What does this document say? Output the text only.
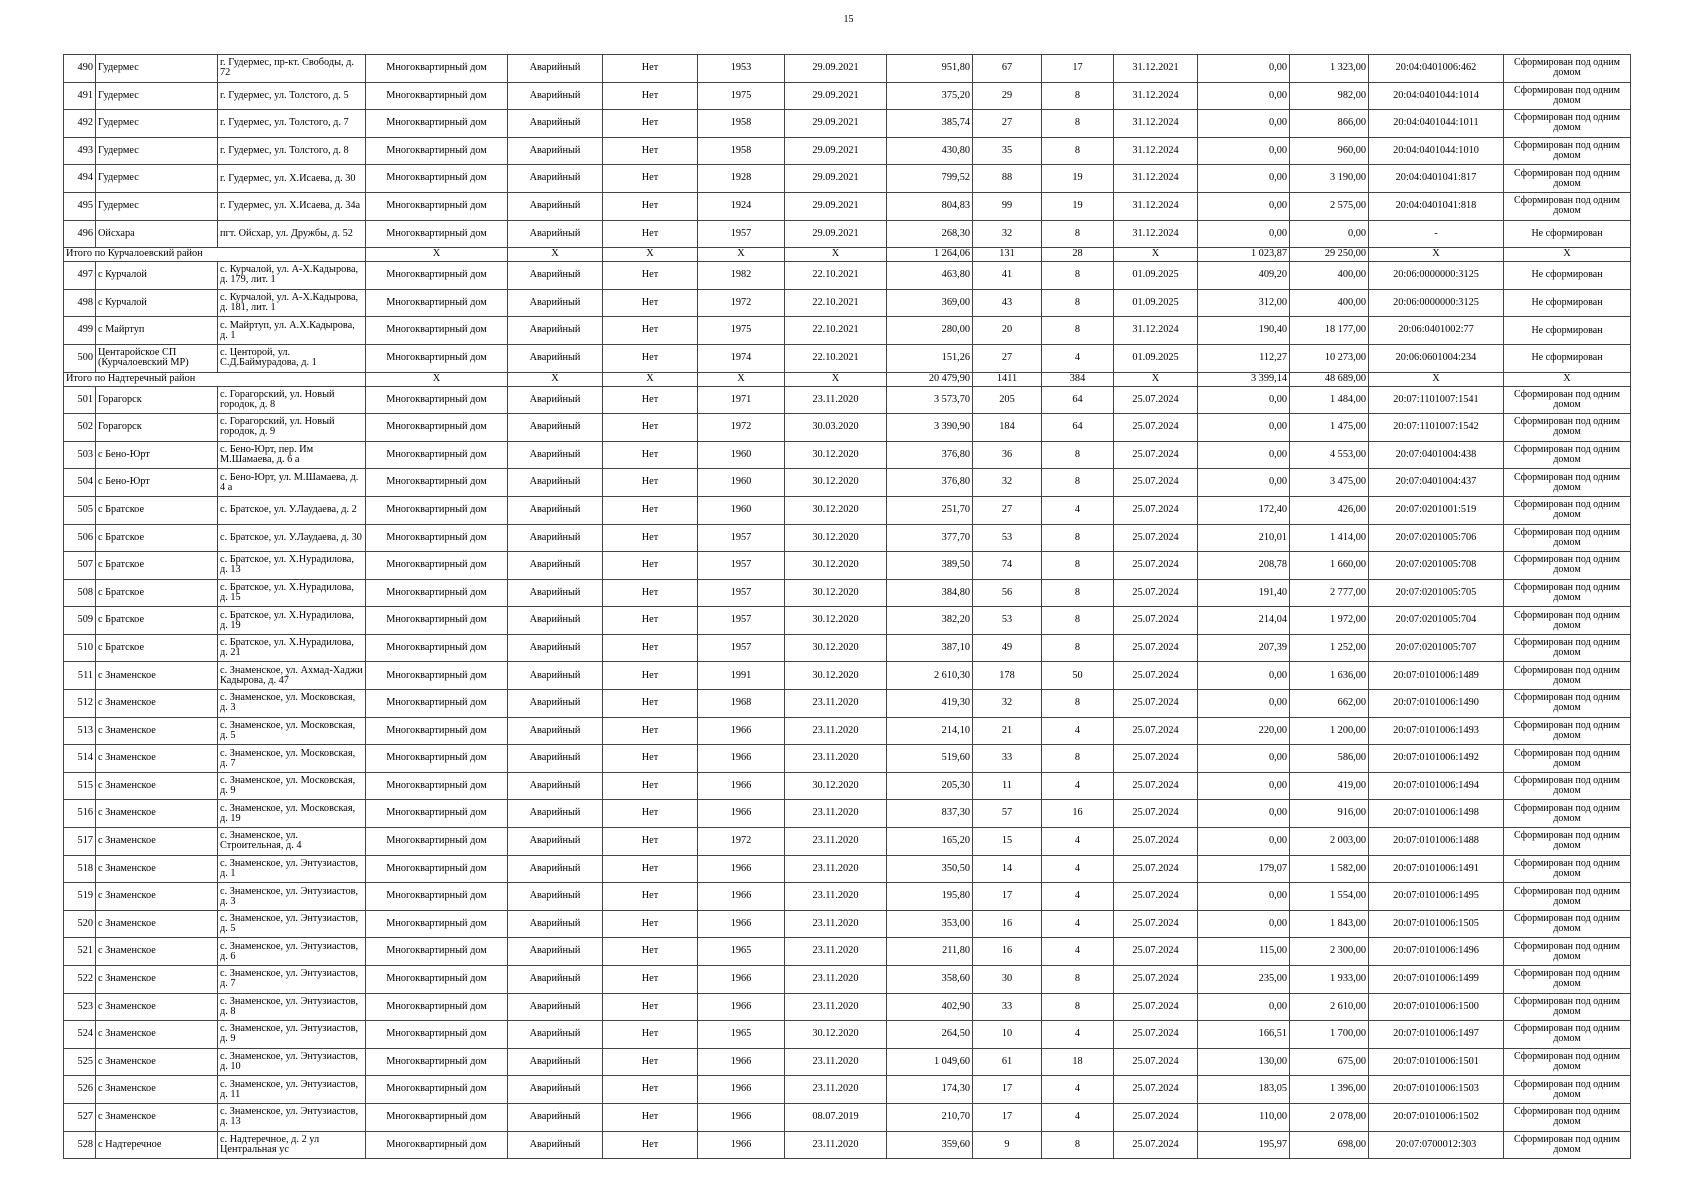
15
490	Гудермес	г. Гудермес, пр-кт. Свободы, д. 72	Многоквартирный дом	Аварийный	Нет	1953	29.09.2021	951,80	67	17	31.12.2021	0,00	1 323,00	20:04:0401006:462	Сформирован под одним домом
491	Гудермес	г. Гудермес, ул. Толстого, д. 5	Многоквартирный дом	Аварийный	Нет	1975	29.09.2021	375,20	29	8	31.12.2024	0,00	982,00	20:04:0401044:1014	Сформирован под одним домом
492	Гудермес	г. Гудермес, ул. Толстого, д. 7	Многоквартирный дом	Аварийный	Нет	1958	29.09.2021	385,74	27	8	31.12.2024	0,00	866,00	20:04:0401044:1011	Сформирован под одним домом
493	Гудермес	г. Гудермес, ул. Толстого, д. 8	Многоквартирный дом	Аварийный	Нет	1958	29.09.2021	430,80	35	8	31.12.2024	0,00	960,00	20:04:0401044:1010	Сформирован под одним домом
494	Гудермес	г. Гудермес, ул. Х.Исаева, д. 30	Многоквартирный дом	Аварийный	Нет	1928	29.09.2021	799,52	88	19	31.12.2024	0,00	3 190,00	20:04:0401041:817	Сформирован под одним домом
495	Гудермес	г. Гудермес, ул. Х.Исаева, д. 34а	Многоквартирный дом	Аварийный	Нет	1924	29.09.2021	804,83	99	19	31.12.2024	0,00	2 575,00	20:04:0401041:818	Сформирован под одним домом
496	Ойсхара	пгт. Ойсхар, ул. Дружбы, д. 52	Многоквартирный дом	Аварийный	Нет	1957	29.09.2021	268,30	32	8	31.12.2024	0,00	0,00	-	Не сформирован
Итого по Курчалоевский район			X	X	X	X	X	1 264,06	131	28	X	1 023,87	29 250,00	X	X
497	с Курчалой	с. Курчалой, ул. А-Х.Кадырова, д. 179, лит. 1	Многоквартирный дом	Аварийный	Нет	1982	22.10.2021	463,80	41	8	01.09.2025	409,20	400,00	20:06:0000000:3125	Не сформирован
498	с Курчалой	с. Курчалой, ул. А-Х.Кадырова, д. 181, лит. 1	Многоквартирный дом	Аварийный	Нет	1972	22.10.2021	369,00	43	8	01.09.2025	312,00	400,00	20:06:0000000:3125	Не сформирован
499	с Майртуп	с. Майртуп, ул. А.Х.Кадырова, д. 1	Многоквартирный дом	Аварийный	Нет	1975	22.10.2021	280,00	20	8	31.12.2024	190,40	18 177,00	20:06:0401002:77	Не сформирован
500	Центаройское СП (Курчалоевский МР)	с. Центорой, ул. С.Д.Баймурадова, д. 1	Многоквартирный дом	Аварийный	Нет	1974	22.10.2021	151,26	27	4	01.09.2025	112,27	10 273,00	20:06:0601004:234	Не сформирован
Итого по Надтеречный район			X	X	X	X	X	20 479,90	1411	384	X	3 399,14	48 689,00	X	X
501	Горагорск	с. Горагорский, ул. Новый городок, д. 8	Многоквартирный дом	Аварийный	Нет	1971	23.11.2020	3 573,70	205	64	25.07.2024	0,00	1 484,00	20:07:1101007:1541	Сформирован под одним домом
502	Горагорск	с. Горагорский, ул. Новый городок, д. 9	Многоквартирный дом	Аварийный	Нет	1972	30.03.2020	3 390,90	184	64	25.07.2024	0,00	1 475,00	20:07:1101007:1542	Сформирован под одним домом
503	с Бено-Юрт	с. Бено-Юрт, пер. Им М.Шамаева, д. 6 а	Многоквартирный дом	Аварийный	Нет	1960	30.12.2020	376,80	36	8	25.07.2024	0,00	4 553,00	20:07:0401004:438	Сформирован под одним домом
504	с Бено-Юрт	с. Бено-Юрт, ул. М.Шамаева, д. 4 а	Многоквартирный дом	Аварийный	Нет	1960	30.12.2020	376,80	32	8	25.07.2024	0,00	3 475,00	20:07:0401004:437	Сформирован под одним домом
505	с Братское	с. Братское, ул. У.Лаудаева, д. 2	Многоквартирный дом	Аварийный	Нет	1960	30.12.2020	251,70	27	4	25.07.2024	172,40	426,00	20:07:0201001:519	Сформирован под одним домом
506	с Братское	с. Братское, ул. У.Лаудаева, д. 30	Многоквартирный дом	Аварийный	Нет	1957	30.12.2020	377,70	53	8	25.07.2024	210,01	1 414,00	20:07:0201005:706	Сформирован под одним домом
507	с Братское	с. Братское, ул. Х.Нурадилова, д. 13	Многоквартирный дом	Аварийный	Нет	1957	30.12.2020	389,50	74	8	25.07.2024	208,78	1 660,00	20:07:0201005:708	Сформирован под одним домом
508	с Братское	с. Братское, ул. Х.Нурадилова, д. 15	Многоквартирный дом	Аварийный	Нет	1957	30.12.2020	384,80	56	8	25.07.2024	191,40	2 777,00	20:07:0201005:705	Сформирован под одним домом
509	с Братское	с. Братское, ул. Х.Нурадилова, д. 19	Многоквартирный дом	Аварийный	Нет	1957	30.12.2020	382,20	53	8	25.07.2024	214,04	1 972,00	20:07:0201005:704	Сформирован под одним домом
510	с Братское	с. Братское, ул. Х.Нурадилова, д. 21	Многоквартирный дом	Аварийный	Нет	1957	30.12.2020	387,10	49	8	25.07.2024	207,39	1 252,00	20:07:0201005:707	Сформирован под одним домом
511	с Знаменское	с. Знаменское, ул. Ахмад-Хаджи Кадырова, д. 47	Многоквартирный дом	Аварийный	Нет	1991	30.12.2020	2 610,30	178	50	25.07.2024	0,00	1 636,00	20:07:0101006:1489	Сформирован под одним домом
512	с Знаменское	с. Знаменское, ул. Московская, д. 3	Многоквартирный дом	Аварийный	Нет	1968	23.11.2020	419,30	32	8	25.07.2024	0,00	662,00	20:07:0101006:1490	Сформирован под одним домом
513	с Знаменское	с. Знаменское, ул. Московская, д. 5	Многоквартирный дом	Аварийный	Нет	1966	23.11.2020	214,10	21	4	25.07.2024	220,00	1 200,00	20:07:0101006:1493	Сформирован под одним домом
514	с Знаменское	с. Знаменское, ул. Московская, д. 7	Многоквартирный дом	Аварийный	Нет	1966	23.11.2020	519,60	33	8	25.07.2024	0,00	586,00	20:07:0101006:1492	Сформирован под одним домом
515	с Знаменское	с. Знаменское, ул. Московская, д. 9	Многоквартирный дом	Аварийный	Нет	1966	30.12.2020	205,30	11	4	25.07.2024	0,00	419,00	20:07:0101006:1494	Сформирован под одним домом
516	с Знаменское	с. Знаменское, ул. Московская, д. 19	Многоквартирный дом	Аварийный	Нет	1966	23.11.2020	837,30	57	16	25.07.2024	0,00	916,00	20:07:0101006:1498	Сформирован под одним домом
517	с Знаменское	с. Знаменское, ул. Строительная, д. 4	Многоквартирный дом	Аварийный	Нет	1972	23.11.2020	165,20	15	4	25.07.2024	0,00	2 003,00	20:07:0101006:1488	Сформирован под одним домом
518	с Знаменское	с. Знаменское, ул. Энтузиастов, д. 1	Многоквартирный дом	Аварийный	Нет	1966	23.11.2020	350,50	14	4	25.07.2024	179,07	1 582,00	20:07:0101006:1491	Сформирован под одним домом
519	с Знаменское	с. Знаменское, ул. Энтузиастов, д. 3	Многоквартирный дом	Аварийный	Нет	1966	23.11.2020	195,80	17	4	25.07.2024	0,00	1 554,00	20:07:0101006:1495	Сформирован под одним домом
520	с Знаменское	с. Знаменское, ул. Энтузиастов, д. 5	Многоквартирный дом	Аварийный	Нет	1966	23.11.2020	353,00	16	4	25.07.2024	0,00	1 843,00	20:07:0101006:1505	Сформирован под одним домом
521	с Знаменское	с. Знаменское, ул. Энтузиастов, д. 6	Многоквартирный дом	Аварийный	Нет	1965	23.11.2020	211,80	16	4	25.07.2024	115,00	2 300,00	20:07:0101006:1496	Сформирован под одним домом
522	с Знаменское	с. Знаменское, ул. Энтузиастов, д. 7	Многоквартирный дом	Аварийный	Нет	1966	23.11.2020	358,60	30	8	25.07.2024	235,00	1 933,00	20:07:0101006:1499	Сформирован под одним домом
523	с Знаменское	с. Знаменское, ул. Энтузиастов, д. 8	Многоквартирный дом	Аварийный	Нет	1966	23.11.2020	402,90	33	8	25.07.2024	0,00	2 610,00	20:07:0101006:1500	Сформирован под одним домом
524	с Знаменское	с. Знаменское, ул. Энтузиастов, д. 9	Многоквартирный дом	Аварийный	Нет	1965	30.12.2020	264,50	10	4	25.07.2024	166,51	1 700,00	20:07:0101006:1497	Сформирован под одним домом
525	с Знаменское	с. Знаменское, ул. Энтузиастов, д. 10	Многоквартирный дом	Аварийный	Нет	1966	23.11.2020	1 049,60	61	18	25.07.2024	130,00	675,00	20:07:0101006:1501	Сформирован под одним домом
526	с Знаменское	с. Знаменское, ул. Энтузиастов, д. 11	Многоквартирный дом	Аварийный	Нет	1966	23.11.2020	174,30	17	4	25.07.2024	183,05	1 396,00	20:07:0101006:1503	Сформирован под одним домом
527	с Знаменское	с. Знаменское, ул. Энтузиастов, д. 13	Многоквартирный дом	Аварийный	Нет	1966	08.07.2019	210,70	17	4	25.07.2024	110,00	2 078,00	20:07:0101006:1502	Сформирован под одним домом
528	с Надтеречное	с. Надтеречное, д. 2 ул Центральная ус	Многоквартирный дом	Аварийный	Нет	1966	23.11.2020	359,60	9	8	25.07.2024	195,97	698,00	20:07:0700012:303	Сформирован под одним домом
